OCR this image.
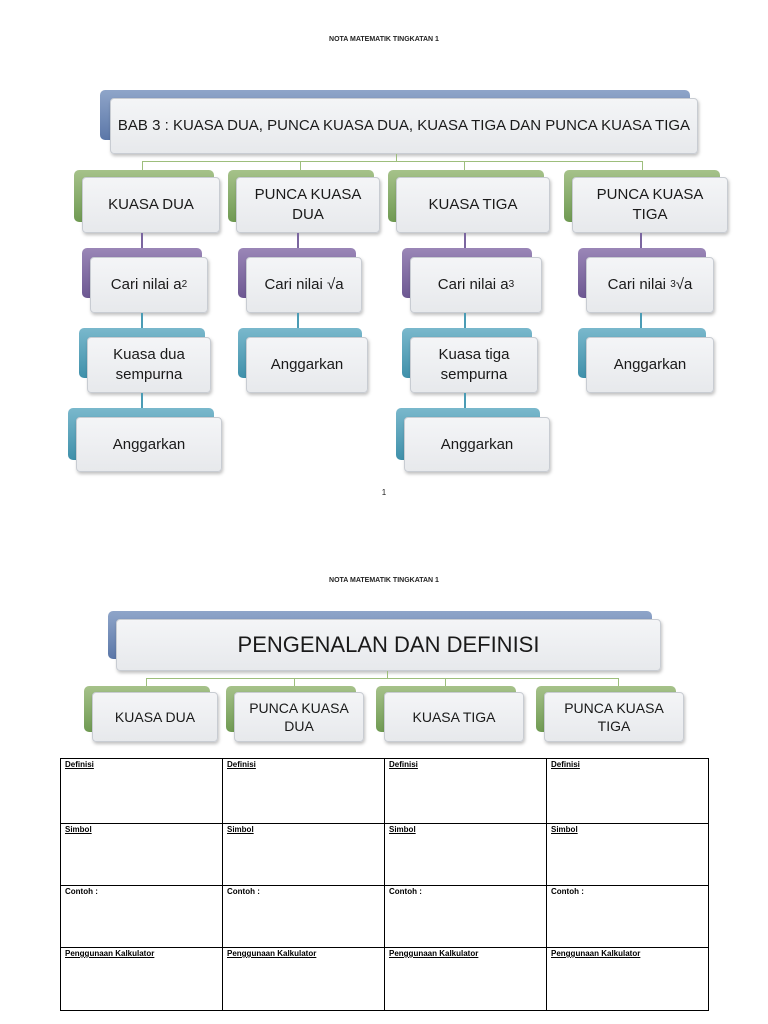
NOTA MATEMATIK TINGKATAN 1
BAB 3 : KUASA DUA, PUNCA KUASA DUA, KUASA TIGA DAN PUNCA KUASA TIGA
KUASA DUA
Cari nilai a 2
Kuasa dua sempurna
Anggarkan
PUNCA KUASA DUA
Cari nilai √a
Anggarkan
KUASA TIGA
Cari nilai a 3
Kuasa tiga sempurna
Anggarkan
PUNCA KUASA TIGA
Cari nilai
3 √a
Anggarkan
1
NOTA MATEMATIK TINGKATAN 1
PENGENALAN DAN DEFINISI
KUASA DUA
PUNCA KUASA DUA
KUASA TIGA
PUNCA KUASA TIGA
Definisi	Definisi	Definisi	Definisi
Simbol	Simbol	Simbol	Simbol
Contoh :	Contoh :	Contoh :	Contoh :
Penggunaan Kalkulator	Penggunaan Kalkulator	Penggunaan Kalkulator	Penggunaan Kalkulator
